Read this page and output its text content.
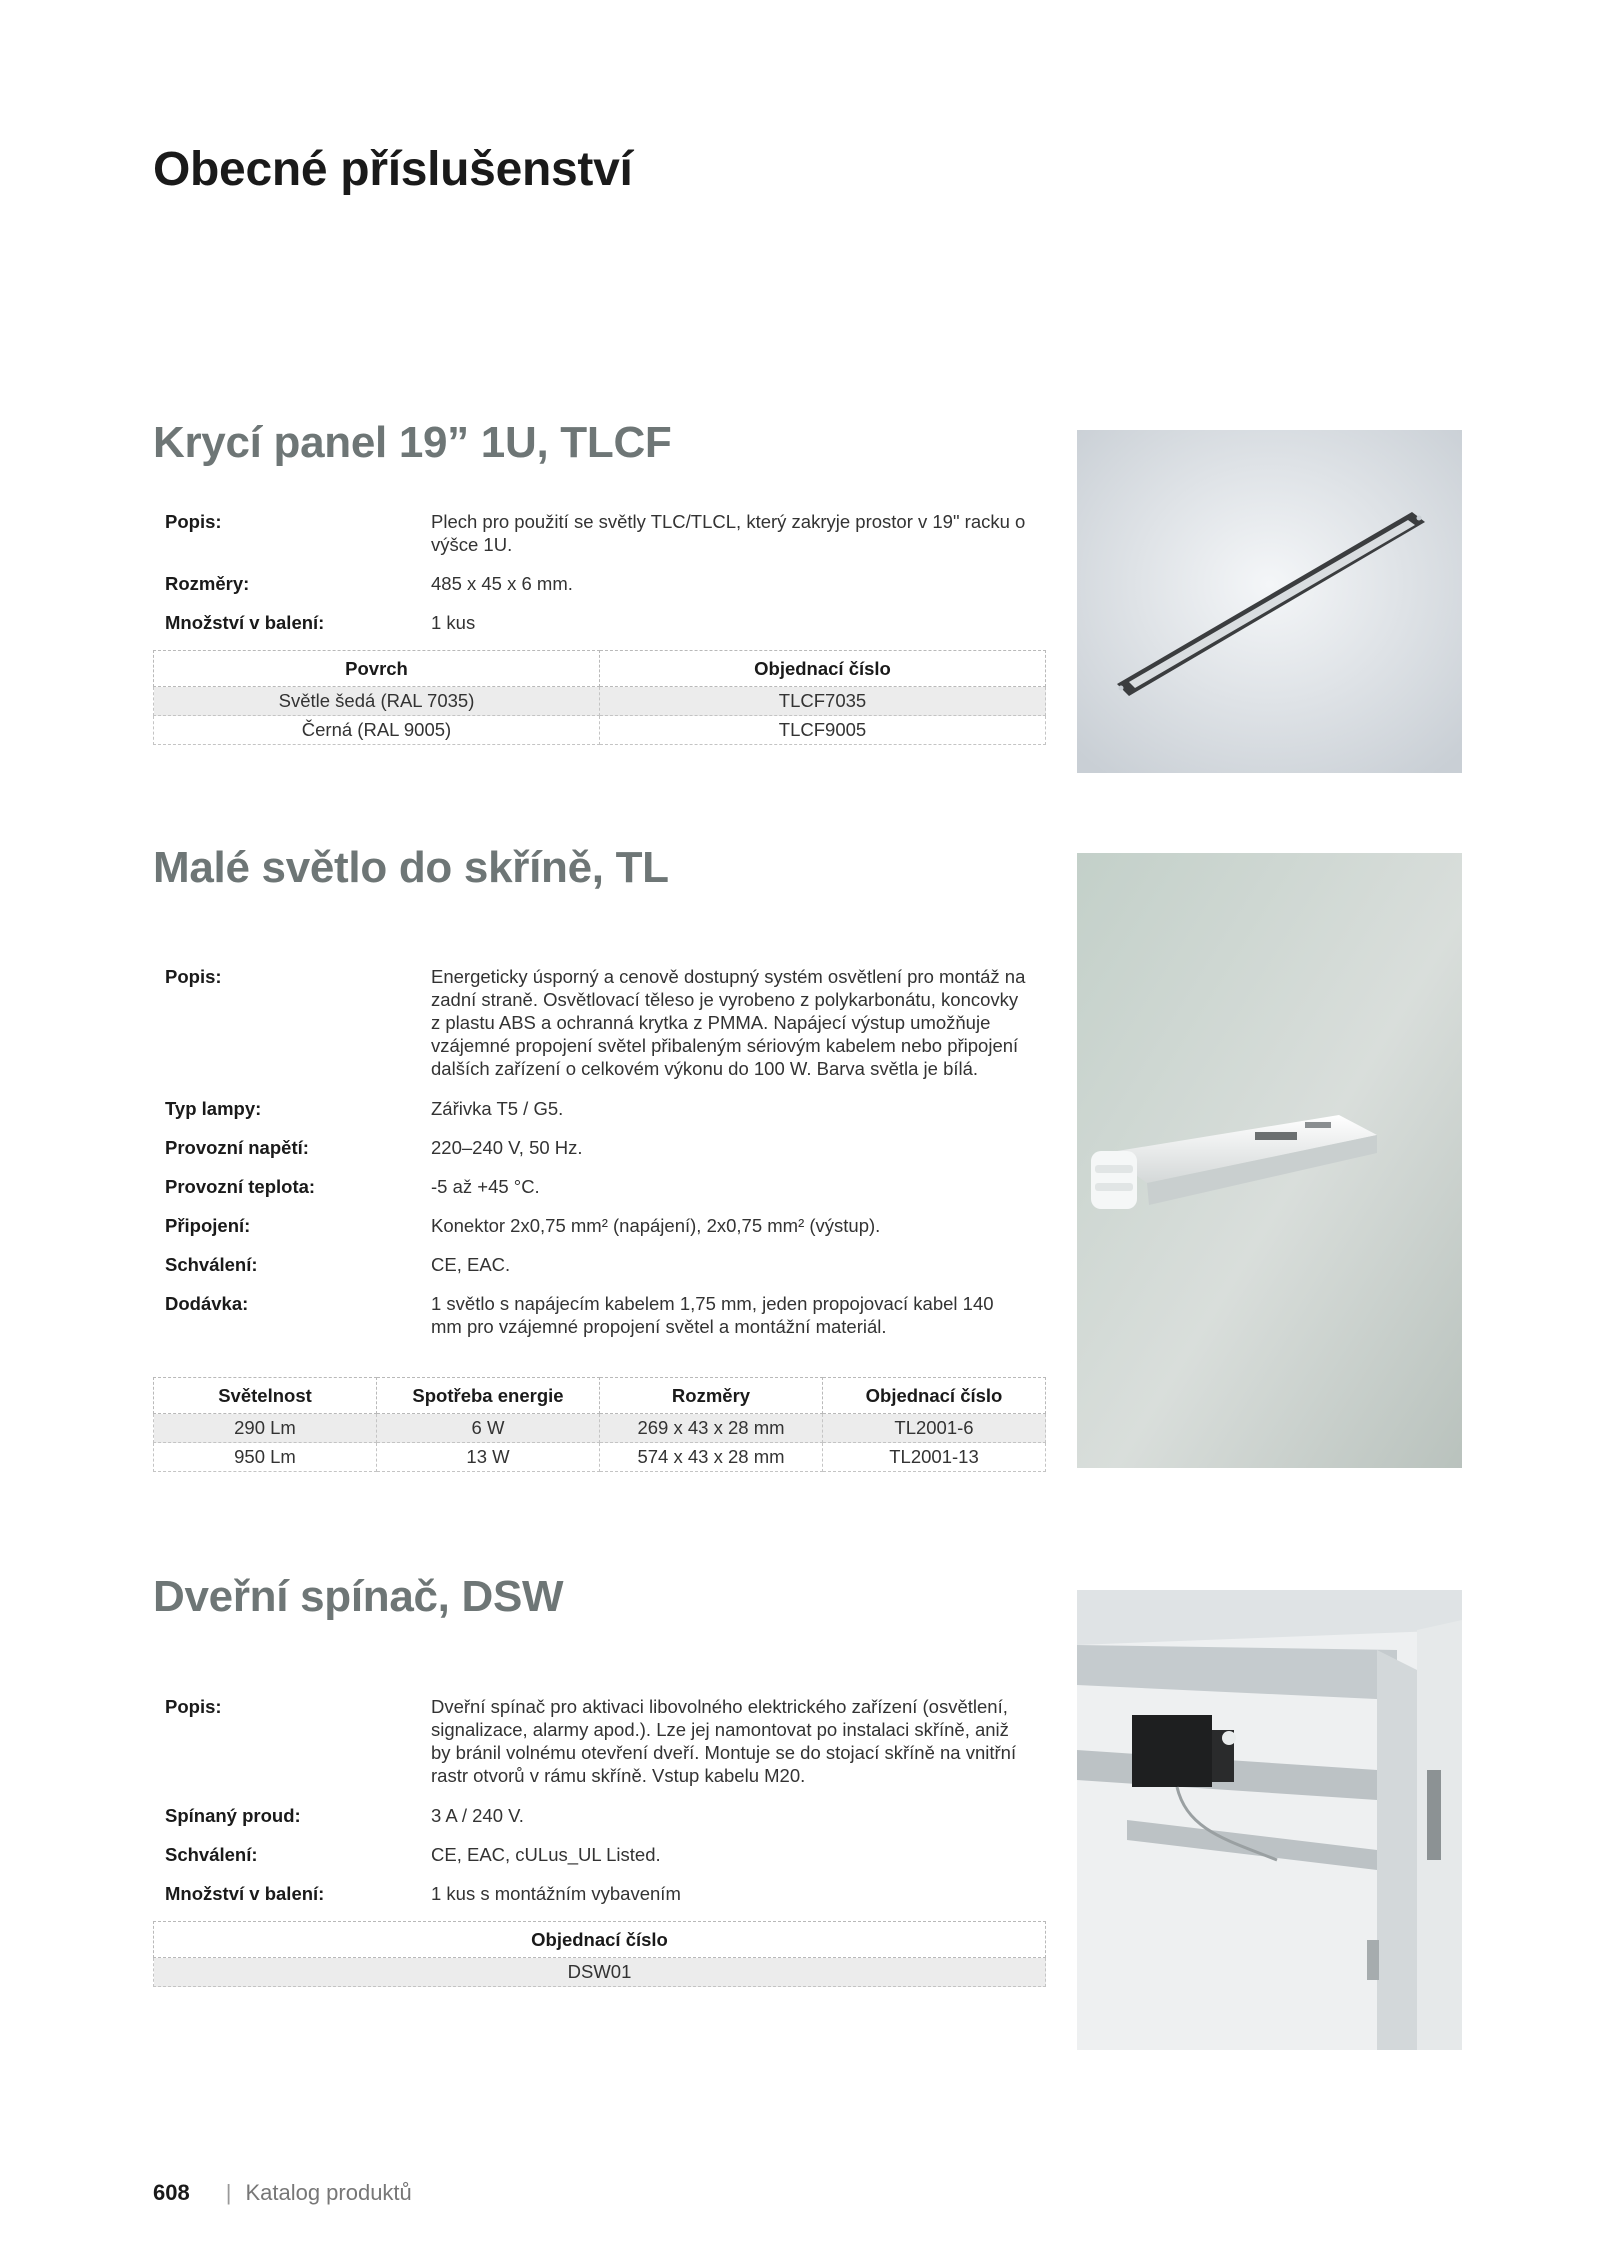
Obecné příslušenství
Krycí panel 19” 1U, TLCF
Popis:	Plech pro použití se světly TLC/TLCL, který zakryje prostor v 19" racku o výšce 1U.
Rozměry:	485 x 45 x 6 mm.
Množství v balení:	1 kus
Povrch	Objednací číslo
Světle šedá (RAL 7035)	TLCF7035
Černá (RAL 9005)	TLCF9005
Malé světlo do skříně, TL
Popis:	Energeticky úsporný a cenově dostupný systém osvětlení pro montáž na zadní straně. Osvětlovací těleso je vyrobeno z polykarbonátu, koncovky z plastu ABS a ochranná krytka z PMMA. Napájecí výstup umožňuje vzájemné propojení světel přibaleným sériovým kabelem nebo připojení dalších zařízení o celkovém výkonu do 100 W. Barva světla je bílá.
Typ lampy:	Zářivka T5 / G5.
Provozní napětí:	220–240 V, 50 Hz.
Provozní teplota:	-5 až +45 °C.
Připojení:	Konektor 2x0,75 mm² (napájení), 2x0,75 mm² (výstup).
Schválení:	CE, EAC.
Dodávka:	1 světlo s napájecím kabelem 1,75 mm, jeden propojovací kabel 140 mm pro vzájemné propojení světel a montážní materiál.
Světelnost	Spotřeba energie	Rozměry	Objednací číslo
290 Lm	6 W	269 x 43 x 28 mm	TL2001-6
950 Lm	13 W	574 x 43 x 28 mm	TL2001-13
Dveřní spínač, DSW
Popis:	Dveřní spínač pro aktivaci libovolného elektrického zařízení (osvětlení, signalizace, alarmy apod.). Lze jej namontovat po instalaci skříně, aniž by bránil volnému otevření dveří. Montuje se do stojací skříně na vnitřní rastr otvorů v rámu skříně. Vstup kabelu M20.
Spínaný proud:	3 A / 240 V.
Schválení:	CE, EAC, cULus_UL Listed.
Množství v balení:	1 kus s montážním vybavením
Objednací číslo
DSW01
608 | Katalog produktů
